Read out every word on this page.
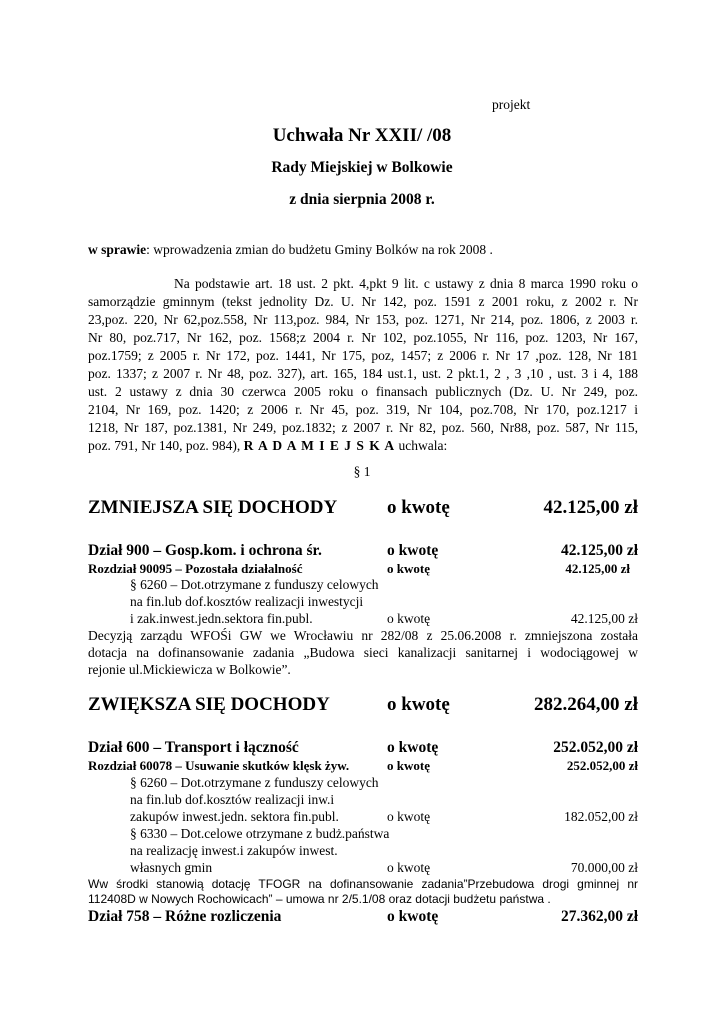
projekt
Uchwała Nr XXII/ /08
Rady Miejskiej w Bolkowie
z dnia sierpnia 2008 r.
w sprawie: wprowadzenia zmian do budżetu Gminy Bolków na rok 2008 .
Na podstawie art. 18 ust. 2 pkt. 4,pkt 9 lit. c ustawy z dnia 8 marca 1990 roku o
samorządzie gminnym (tekst jednolity Dz. U. Nr 142, poz. 1591 z 2001 roku, z 2002 r. Nr
23,poz. 220, Nr 62,poz.558, Nr 113,poz. 984, Nr 153, poz. 1271, Nr 214, poz. 1806, z 2003 r.
Nr 80, poz.717, Nr 162, poz. 1568;z 2004 r. Nr 102, poz.1055, Nr 116, poz. 1203, Nr 167,
poz.1759; z 2005 r. Nr 172, poz. 1441, Nr 175, poz, 1457; z 2006 r. Nr 17 ,poz. 128, Nr 181
poz. 1337; z 2007 r. Nr 48, poz. 327), art. 165, 184 ust.1, ust. 2 pkt.1, 2 , 3 ,10 , ust. 3 i 4, 188
ust. 2 ustawy z dnia 30 czerwca 2005 roku o finansach publicznych (Dz. U. Nr 249, poz.
2104, Nr 169, poz. 1420; z 2006 r. Nr 45, poz. 319, Nr 104, poz.708, Nr 170, poz.1217 i
1218, Nr 187, poz.1381, Nr 249, poz.1832; z 2007 r. Nr 82, poz. 560, Nr88, poz. 587, Nr 115,
poz. 791, Nr 140, poz. 984), R A D A M I E J S K A uchwala:
§ 1
ZMNIEJSZA SIĘ DOCHODY	o kwotę	42.125,00 zł
Dział 900 – Gosp.kom. i ochrona śr.	o kwotę	42.125,00 zł
Rozdział 90095 – Pozostała działalność	o kwotę	42.125,00 zł
§ 6260 – Dot.otrzymane z funduszy celowych
na fin.lub dof.kosztów realizacji inwestycji
i zak.inwest.jedn.sektora fin.publ.	o kwotę	42.125,00 zł
Decyzją zarządu WFOŚi GW we Wrocławiu nr 282/08 z 25.06.2008 r. zmniejszona została
dotacja na dofinansowanie zadania „Budowa sieci kanalizacji sanitarnej i wodociągowej w
rejonie ul.Mickiewicza w Bolkowie”.
ZWIĘKSZA SIĘ DOCHODY	o kwotę	282.264,00 zł
Dział 600 – Transport i łączność	o kwotę	252.052,00 zł
Rozdział 60078 – Usuwanie skutków klęsk żyw.	o kwotę	252.052,00 zł
§ 6260 – Dot.otrzymane z funduszy celowych
na fin.lub dof.kosztów realizacji inw.i
zakupów inwest.jedn. sektora fin.publ.	o kwotę	182.052,00 zł
§ 6330 – Dot.celowe otrzymane z budż.państwa
na realizację inwest.i zakupów inwest.
własnych gmin	o kwotę	70.000,00 zł
Ww środki stanowią dotację TFOGR na dofinansowanie zadania”Przebudowa drogi gminnej nr
112408D w Nowych Rochowicach” – umowa nr 2/5.1/08 oraz dotacji budżetu państwa .
Dział 758 – Różne rozliczenia	o kwotę	27.362,00 zł
